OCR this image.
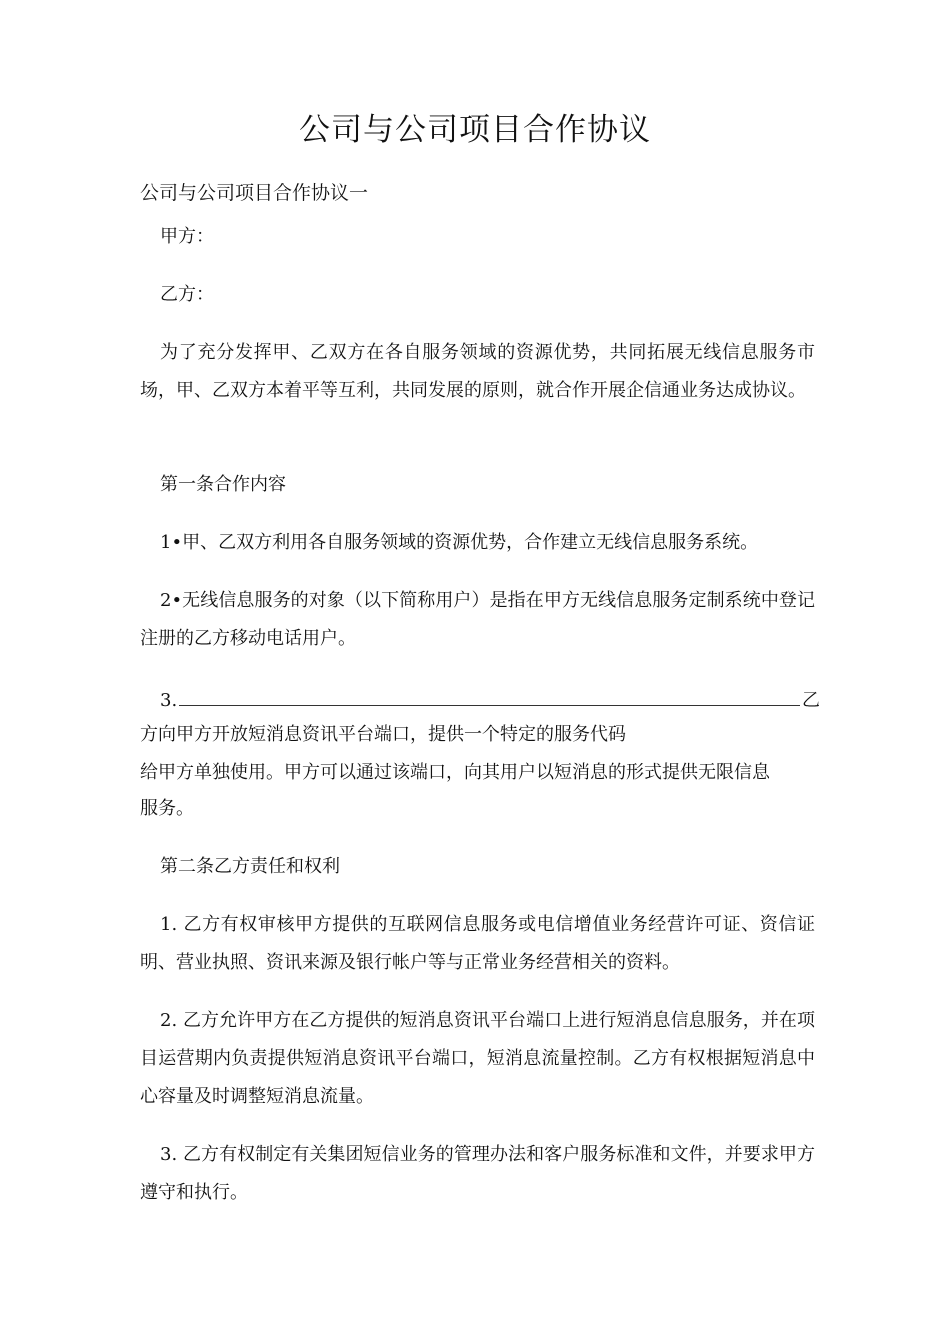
公司与公司项目合作协议
公司与公司项目合作协议一

甲方：

乙方：

为了充分发挥甲、乙双方在各自服务领域的资源优势，共同拓展无线信息服务市场，甲、乙双方本着平等互利，共同发展的原则，就合作开展企信通业务达成协议。

第一条合作内容

1•甲、乙双方利用各自服务领域的资源优势，合作建立无线信息服务系统。

2•无线信息服务的对象（以下简称用户）是指在甲方无线信息服务定制系统中登记注册的乙方移动电话用户。

3.	乙
方向甲方开放短消息资讯平台端口，提供一个特定的服务代码
给甲方单独使用。甲方可以通过该端口，向其用户以短消息的形式提供无限信息
服务。

第二条乙方责任和权利

1. 乙方有权审核甲方提供的互联网信息服务或电信增值业务经营许可证、资信证明、营业执照、资讯来源及银行帐户等与正常业务经营相关的资料。

2. 乙方允许甲方在乙方提供的短消息资讯平台端口上进行短消息信息服务，并在项目运营期内负责提供短消息资讯平台端口，短消息流量控制。乙方有权根据短消息中心容量及时调整短消息流量。

3. 乙方有权制定有关集团短信业务的管理办法和客户服务标准和文件，并要求甲方遵守和执行。
